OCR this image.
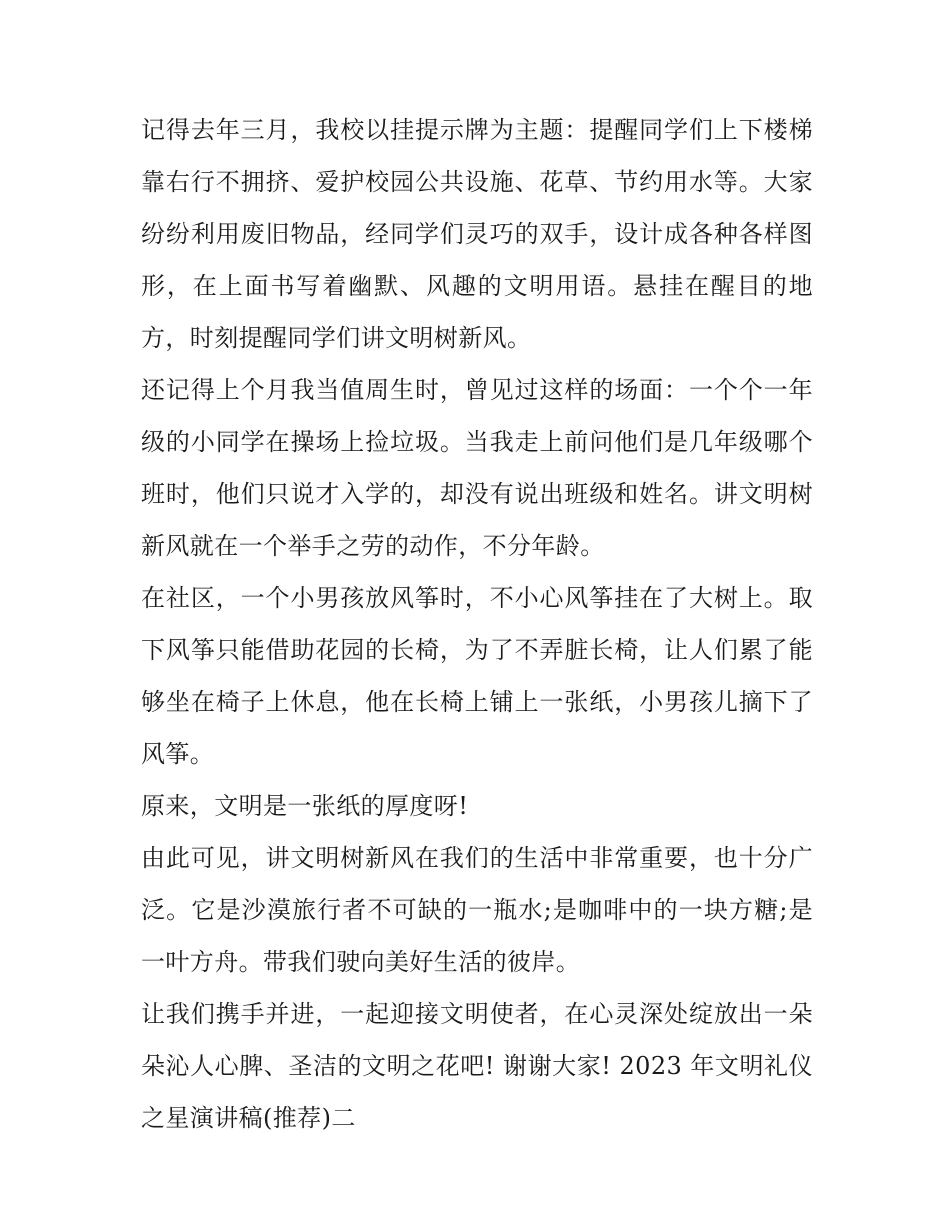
记得去年三月，我校以挂提示牌为主题：提醒同学们上下楼梯靠右行不拥挤、爱护校园公共设施、花草、节约用水等。大家纷纷利用废旧物品，经同学们灵巧的双手，设计成各种各样图形，在上面书写着幽默、风趣的文明用语。悬挂在醒目的地方，时刻提醒同学们讲文明树新风。

还记得上个月我当值周生时，曾见过这样的场面：一个个一年级的小同学在操场上捡垃圾。当我走上前问他们是几年级哪个班时，他们只说才入学的，却没有说出班级和姓名。讲文明树新风就在一个举手之劳的动作，不分年龄。

在社区，一个小男孩放风筝时，不小心风筝挂在了大树上。取下风筝只能借助花园的长椅，为了不弄脏长椅，让人们累了能够坐在椅子上休息，他在长椅上铺上一张纸，小男孩儿摘下了风筝。

原来，文明是一张纸的厚度呀!

由此可见，讲文明树新风在我们的生活中非常重要，也十分广泛。它是沙漠旅行者不可缺的一瓶水;是咖啡中的一块方糖;是一叶方舟。带我们驶向美好生活的彼岸。

让我们携手并进，一起迎接文明使者，在心灵深处绽放出一朵朵沁人心脾、圣洁的文明之花吧! 谢谢大家! 2023 年文明礼仪之星演讲稿(推荐)二
